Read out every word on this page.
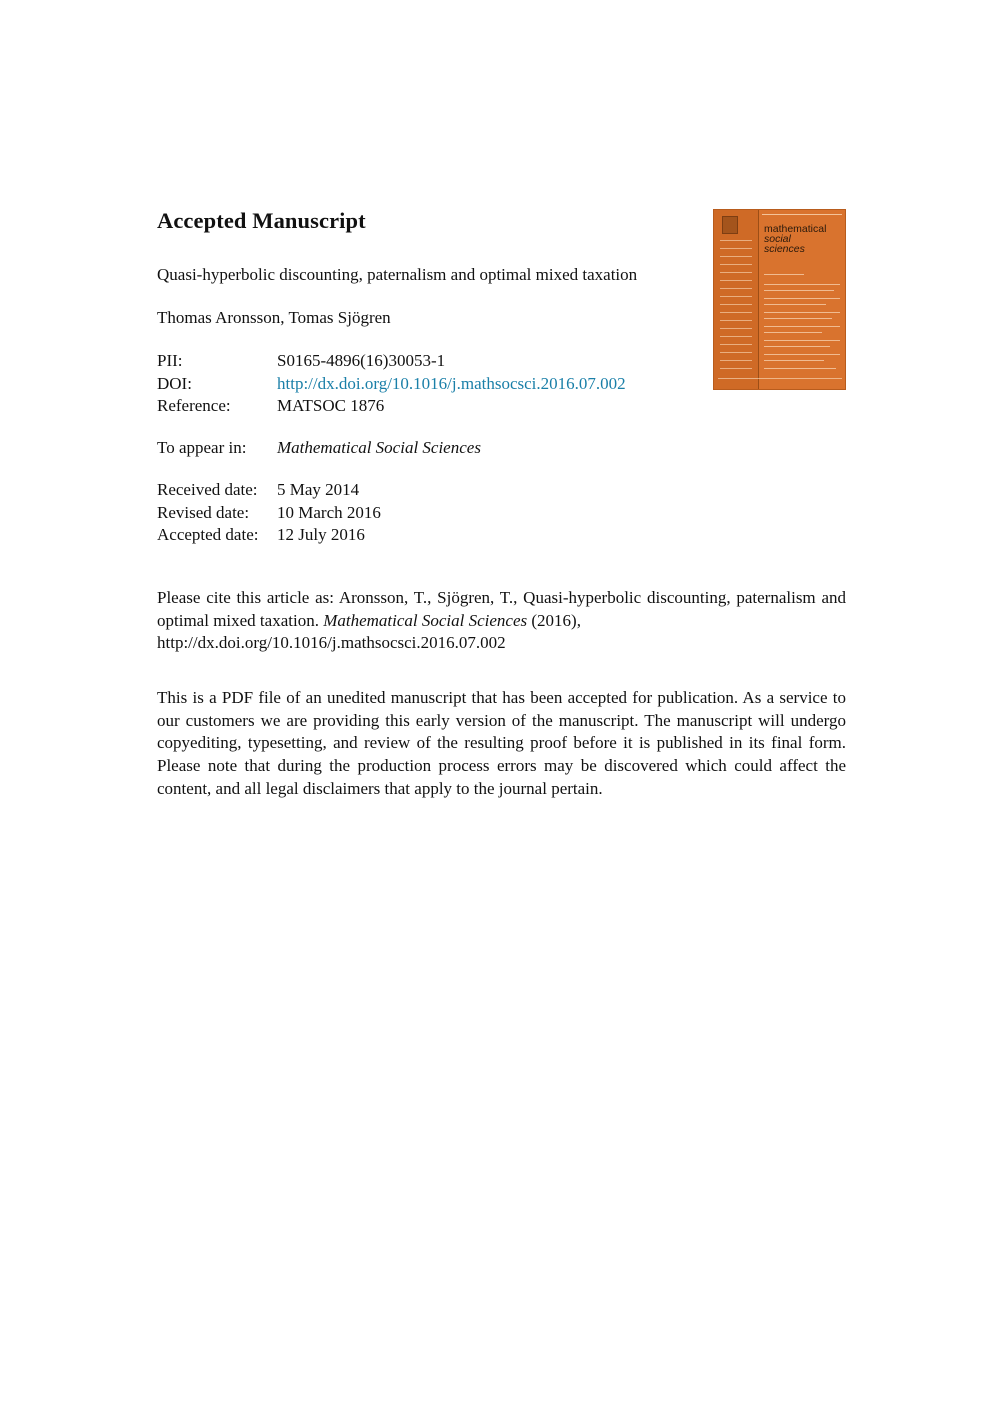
Accepted Manuscript
Quasi-hyperbolic discounting, paternalism and optimal mixed taxation
Thomas Aronsson, Tomas Sjögren
PII:	S0165-4896(16)30053-1
DOI:	http://dx.doi.org/10.1016/j.mathsocsci.2016.07.002
Reference:	MATSOC 1876
To appear in:	Mathematical Social Sciences
Received date:	5 May 2014
Revised date:	10 March 2016
Accepted date:	12 July 2016
Please cite this article as: Aronsson, T., Sjögren, T., Quasi-hyperbolic discounting, paternalism and optimal mixed taxation. Mathematical Social Sciences (2016),
http://dx.doi.org/10.1016/j.mathsocsci.2016.07.002
This is a PDF file of an unedited manuscript that has been accepted for publication. As a service to our customers we are providing this early version of the manuscript. The manuscript will undergo copyediting, typesetting, and review of the resulting proof before it is published in its final form. Please note that during the production process errors may be discovered which could affect the content, and all legal disclaimers that apply to the journal pertain.
mathematical
social
sciences
